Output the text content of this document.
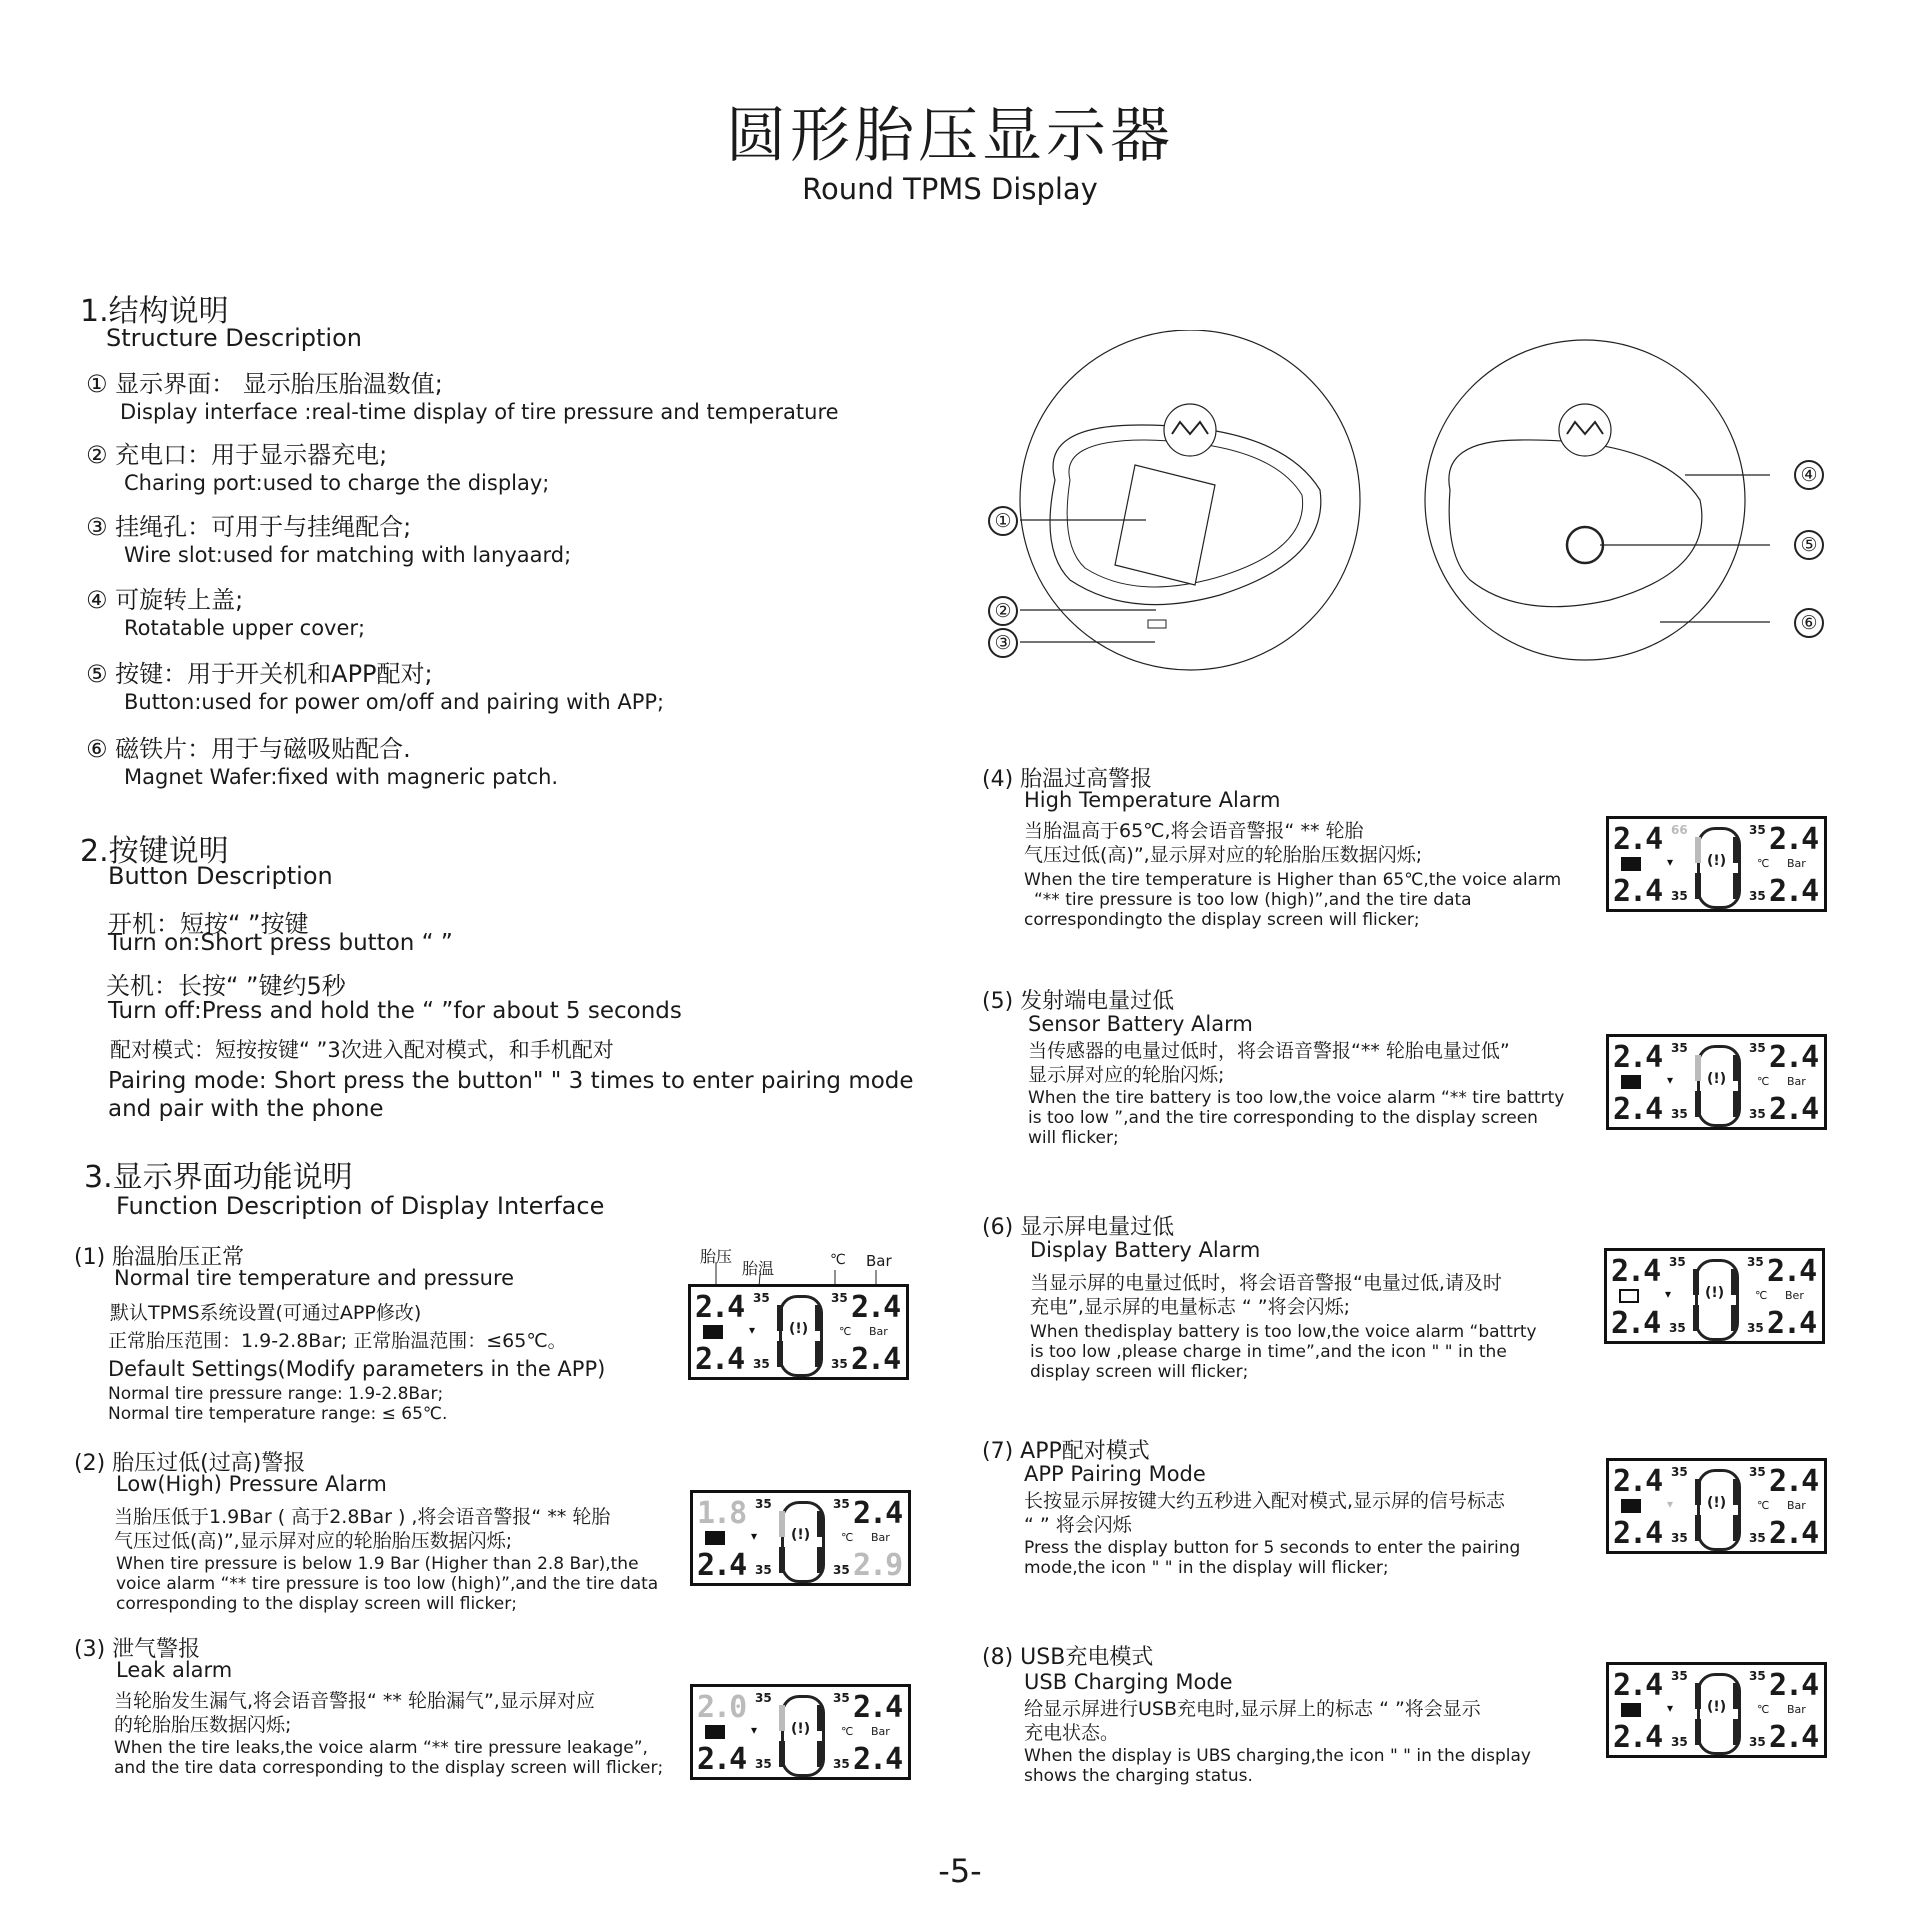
圆形胎压显示器
Round TPMS Display
1.结构说明
Structure Description
① 显示界面： 显示胎压胎温数值;
Display interface :real-time display of tire pressure and temperature
② 充电口：用于显示器充电;
Charing port:used to charge the display;
③ 挂绳孔：可用于与挂绳配合;
Wire slot:used for matching with lanyaard;
④ 可旋转上盖;
Rotatable upper cover;
⑤ 按键：用于开关机和APP配对;
Button:used for power om/off and pairing with APP;
⑥ 磁铁片：用于与磁吸贴配合.
Magnet Wafer:fixed with magneric patch.
2.按键说明
Button Description
开机：短按“ ”按键
Turn on:Short press button “ ”
关机：长按“ ”键约5秒
Turn off:Press and hold the “ ”for about 5 seconds
配对模式：短按按键“ ”3次进入配对模式，和手机配对
Pairing mode: Short press the button" " 3 times to enter pairing mode
and pair with the phone
3.显示界面功能说明
Function Description of Display Interface
(1) 胎温胎压正常
Normal tire temperature and pressure
默认TPMS系统设置(可通过APP修改)
正常胎压范围：1.9-2.8Bar; 正常胎温范围：≤65℃。
Default Settings(Modify parameters in the APP)
Normal tire pressure range: 1.9-2.8Bar;
Normal tire temperature range: ≤ 65℃.
胎压
胎温	℃ Bar
(2) 胎压过低(过高)警报
Low(High) Pressure Alarm
当胎压低于1.9Bar ( 高于2.8Bar ) ,将会语音警报“ ** 轮胎
气压过低(高)”,显示屏对应的轮胎胎压数据闪烁;
When tire pressure is below 1.9 Bar (Higher than 2.8 Bar),the
voice alarm “** tire pressure is too low (high)”,and the tire data
corresponding to the display screen will flicker;
(3) 泄气警报
Leak alarm
当轮胎发生漏气,将会语音警报“ ** 轮胎漏气”,显示屏对应
的轮胎胎压数据闪烁;
When the tire leaks,the voice alarm “** tire pressure leakage”,
and the tire data corresponding to the display screen will flicker;
(4) 胎温过高警报
High Temperature Alarm
当胎温高于65℃,将会语音警报“ ** 轮胎
气压过低(高)”,显示屏对应的轮胎胎压数据闪烁;
When the tire temperature is Higher than 65℃,the voice alarm
“** tire pressure is too low (high)”,and the tire data
correspondingto the display screen will flicker;
(5) 发射端电量过低
Sensor Battery Alarm
当传感器的电量过低时，将会语音警报“** 轮胎电量过低”
显示屏对应的轮胎闪烁;
When the tire battery is too low,the voice alarm “** tire battrty
is too low ”,and the tire corresponding to the display screen
will flicker;
(6) 显示屏电量过低
Display Battery Alarm
当显示屏的电量过低时，将会语音警报“电量过低,请及时
充电”,显示屏的电量标志 “ ”将会闪烁;
When thedisplay battery is too low,the voice alarm “battrty
is too low ,please charge in time”,and the icon " " in the
display screen will flicker;
(7) APP配对模式
APP Pairing Mode
长按显示屏按键大约五秒进入配对模式,显示屏的信号标志
“ ” 将会闪烁
Press the display button for 5 seconds to enter the pairing
mode,the icon " " in the display will flicker;
(8) USB充电模式
USB Charging Mode
给显示屏进行USB充电时,显示屏上的标志 “ ”将会显示
充电状态。
When the display is UBS charging,the icon " " in the display
shows the charging status.
①
②
③
④
⑤
⑥
2.4 35	35 2.4
2.4 35	35 2.4
℃ Bar
▾ (!)
1.8 35	35 2.4
2.4 35	35 2.9
℃ Bar
▾ (!)
2.0 35	35 2.4
2.4 35	35 2.4
℃ Bar
▾ (!)
2.4 66	35 2.4
2.4 35	35 2.4
℃ Bar
▾ (!)
2.4 35	35 2.4
2.4 35	35 2.4
℃ Bar
▾ (!)
2.4 35	35 2.4
2.4 35	35 2.4
℃ Ber
▾ (!)
2.4 35	35 2.4
2.4 35	35 2.4
℃ Bar
▾ (!)
2.4 35	35 2.4
2.4 35	35 2.4
℃ Bar
▾ (!)
-5-
